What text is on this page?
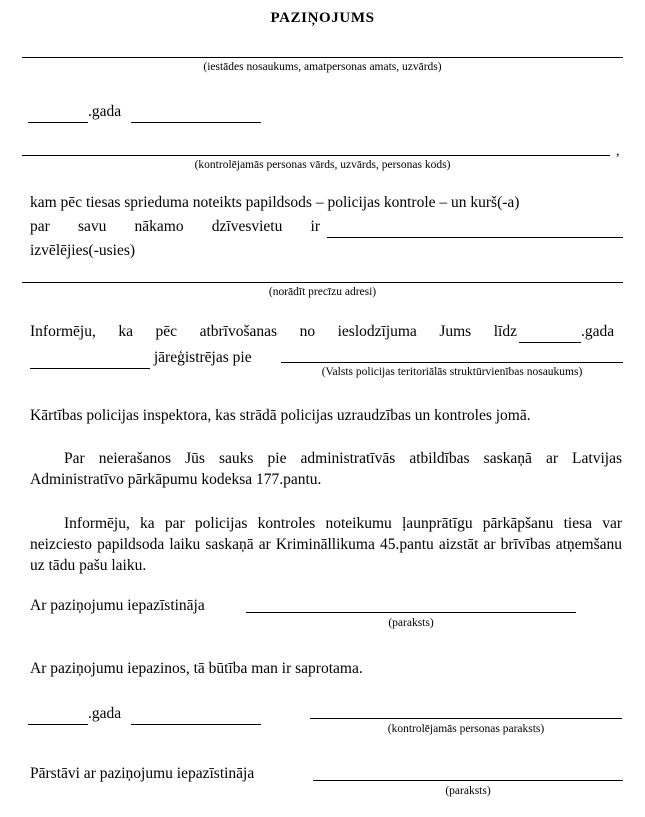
PAZIŅOJUMS
(iestādes nosaukums, amatpersonas amats, uzvārds)
.gada
,
(kontrolējamās personas vārds, uzvārds, personas kods)
kam pēc tiesas sprieduma noteikts papildsods – policijas kontrole – un kurš(-a)
par savu nākamo dzīvesvietu ir
izvēlējies(-usies)
(norādīt precīzu adresi)
Informēju, ka pēc atbrīvošanas no ieslodzījuma Jums līdz	.gada
jāreģistrējas pie
(Valsts policijas teritoriālās struktūrvienības nosaukums)
Kārtības policijas inspektora, kas strādā policijas uzraudzības un kontroles jomā.
Par neierašanos Jūs sauks pie administratīvās atbildības saskaņā ar Latvijas Administratīvo pārkāpumu kodeksa 177.pantu.
Informēju, ka par policijas kontroles noteikumu ļaunprātīgu pārkāpšanu tiesa var neizciesto papildsoda laiku saskaņā ar Krimināllikuma 45.pantu aizstāt ar brīvības atņemšanu uz tādu pašu laiku.
Ar paziņojumu iepazīstināja
(paraksts)
Ar paziņojumu iepazinos, tā būtība man ir saprotama.
.gada
(kontrolējamās personas paraksts)
Pārstāvi ar paziņojumu iepazīstināja
(paraksts)
